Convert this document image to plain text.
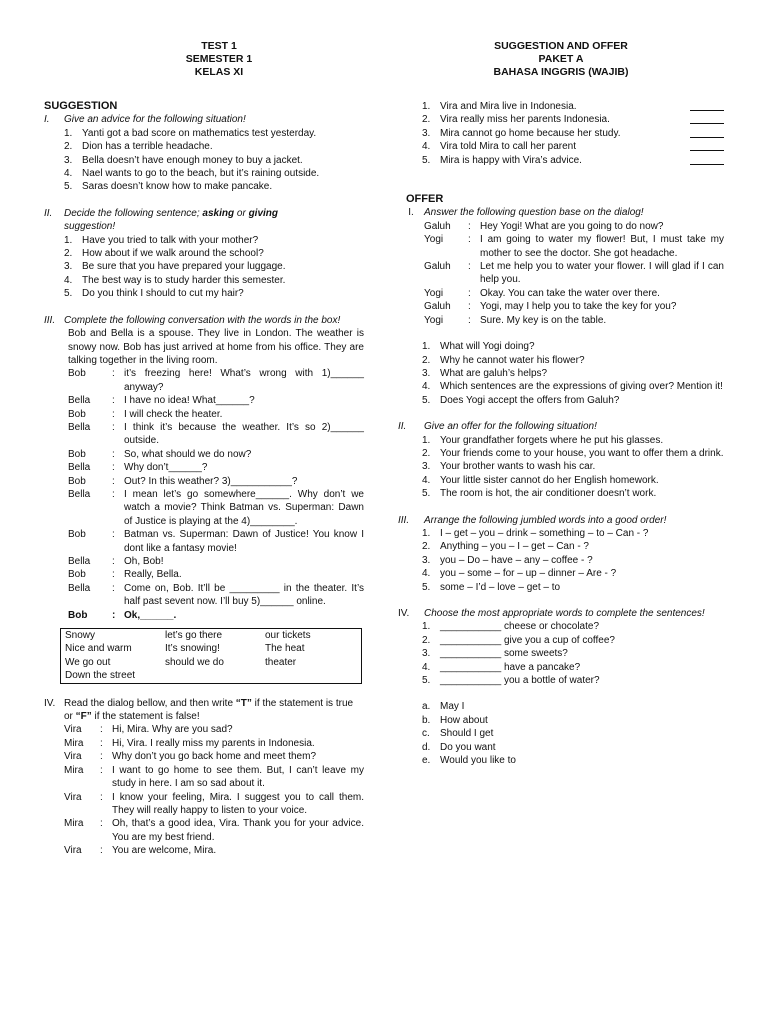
TEST 1
SEMESTER 1
KELAS XI
SUGGESTION AND OFFER
PAKET A
BAHASA INGGRIS (WAJIB)
SUGGESTION
I.	Give an advice for the following situation!
1. Yanti got a bad score on mathematics test yesterday.
2. Dion has a terrible headache.
3. Bella doesn’t have enough money to buy a jacket.
4. Nael wants to go to the beach, but it’s raining outside.
5. Saras doesn’t know how to make pancake.
II.	Decide the following sentence; asking or giving
suggestion!
1. Have you tried to talk with your mother?
2. How about if we walk around the school?
3. Be sure that you have prepared your luggage.
4. The best way is to study harder this semester.
5. Do you think I should to cut my hair?
III. Complete the following conversation with the words in the box!
Bob and Bella is a spouse. They live in London. The weather is snowy now. Bob has just arrived at home from his office. They are talking together in the living room.
Bob	: it’s freezing here! What’s wrong with 1)______ anyway?
Bella	: I have no idea! What______?
Bob	: I will check the heater.
Bella	: I think it’s because the weather. It’s so 2)______ outside.
Bob	: So, what should we do now?
Bella	: Why don’t______?
Bob	: Out? In this weather? 3)___________?
Bella	: I mean let’s go somewhere______. Why don’t we watch a movie? Think Batman vs. Superman: Dawn of Justice is playing at the 4)________.
Bob	: Batman vs. Superman: Dawn of Justice! You know I dont like a fantasy movie!
Bella	: Oh, Bob!
Bob	: Really, Bella.
Bella	: Come on, Bob. It’ll be _________ in the theater. It’s half past sevent now. I’ll buy 5)______ online.
Bob	: Ok,______.
Snowy	let’s go there	our tickets
Nice and warm	It’s snowing!	The heat
We go out	should we do	theater
Down the street		
IV. Read the dialog bellow, and then write “T” if the statement is true or “F” if the statement is false!
Vira	: Hi, Mira. Why are you sad?
Mira	: Hi, Vira. I really miss my parents in Indonesia.
Vira	: Why don’t you go back home and meet them?
Mira	: I want to go home to see them. But, I can’t leave my study in here. I am so sad about it.
Vira	: I know your feeling, Mira. I suggest you to call them. They will really happy to listen to your voice.
Mira	: Oh, that’s a good idea, Vira. Thank you for your advice. You are my best friend.
Vira	: You are welcome, Mira.
1. Vira and Mira live in Indonesia.
2. Vira really miss her parents Indonesia.
3. Mira cannot go home because her study.
4. Vira told Mira to call her parent
5. Mira is happy with Vira’s advice.
OFFER
I.	Answer the following question base on the dialog!
Galuh	: Hey Yogi! What are you going to do now?
Yogi	: I am going to water my flower! But, I must take my mother to see the doctor. She got headache.
Galuh	: Let me help you to water your flower. I will glad if I can help you.
Yogi	: Okay. You can take the water over there.
Galuh	: Yogi, may I help you to take the key for you?
Yogi	: Sure. My key is on the table.
1. What will Yogi doing?
2. Why he cannot water his flower?
3. What are galuh’s helps?
4. Which sentences are the expressions of giving over? Mention it!
5. Does Yogi accept the offers from Galuh?
II.	Give an offer for the following situation!
1. Your grandfather forgets where he put his glasses.
2. Your friends come to your house, you want to offer them a drink.
3. Your brother wants to wash his car.
4. Your little sister cannot do her English homework.
5. The room is hot, the air conditioner doesn’t work.
III.	Arrange the following jumbled words into a good order!
1. I – get – you – drink – something – to – Can - ?
2. Anything – you – I – get – Can - ?
3. you – Do – have – any – coffee - ?
4. you – some – for – up – dinner – Are - ?
5. some – I’d – love – get – to
IV.	Choose the most appropriate words to complete the sentences!
1. ___________ cheese or chocolate?
2. ___________ give you a cup of coffee?
3. ___________ some sweets?
4. ___________ have a pancake?
5. ___________ you a bottle of water?
a. May I
b. How about
c.	Should I get
d. Do you want
e. Would you like to
